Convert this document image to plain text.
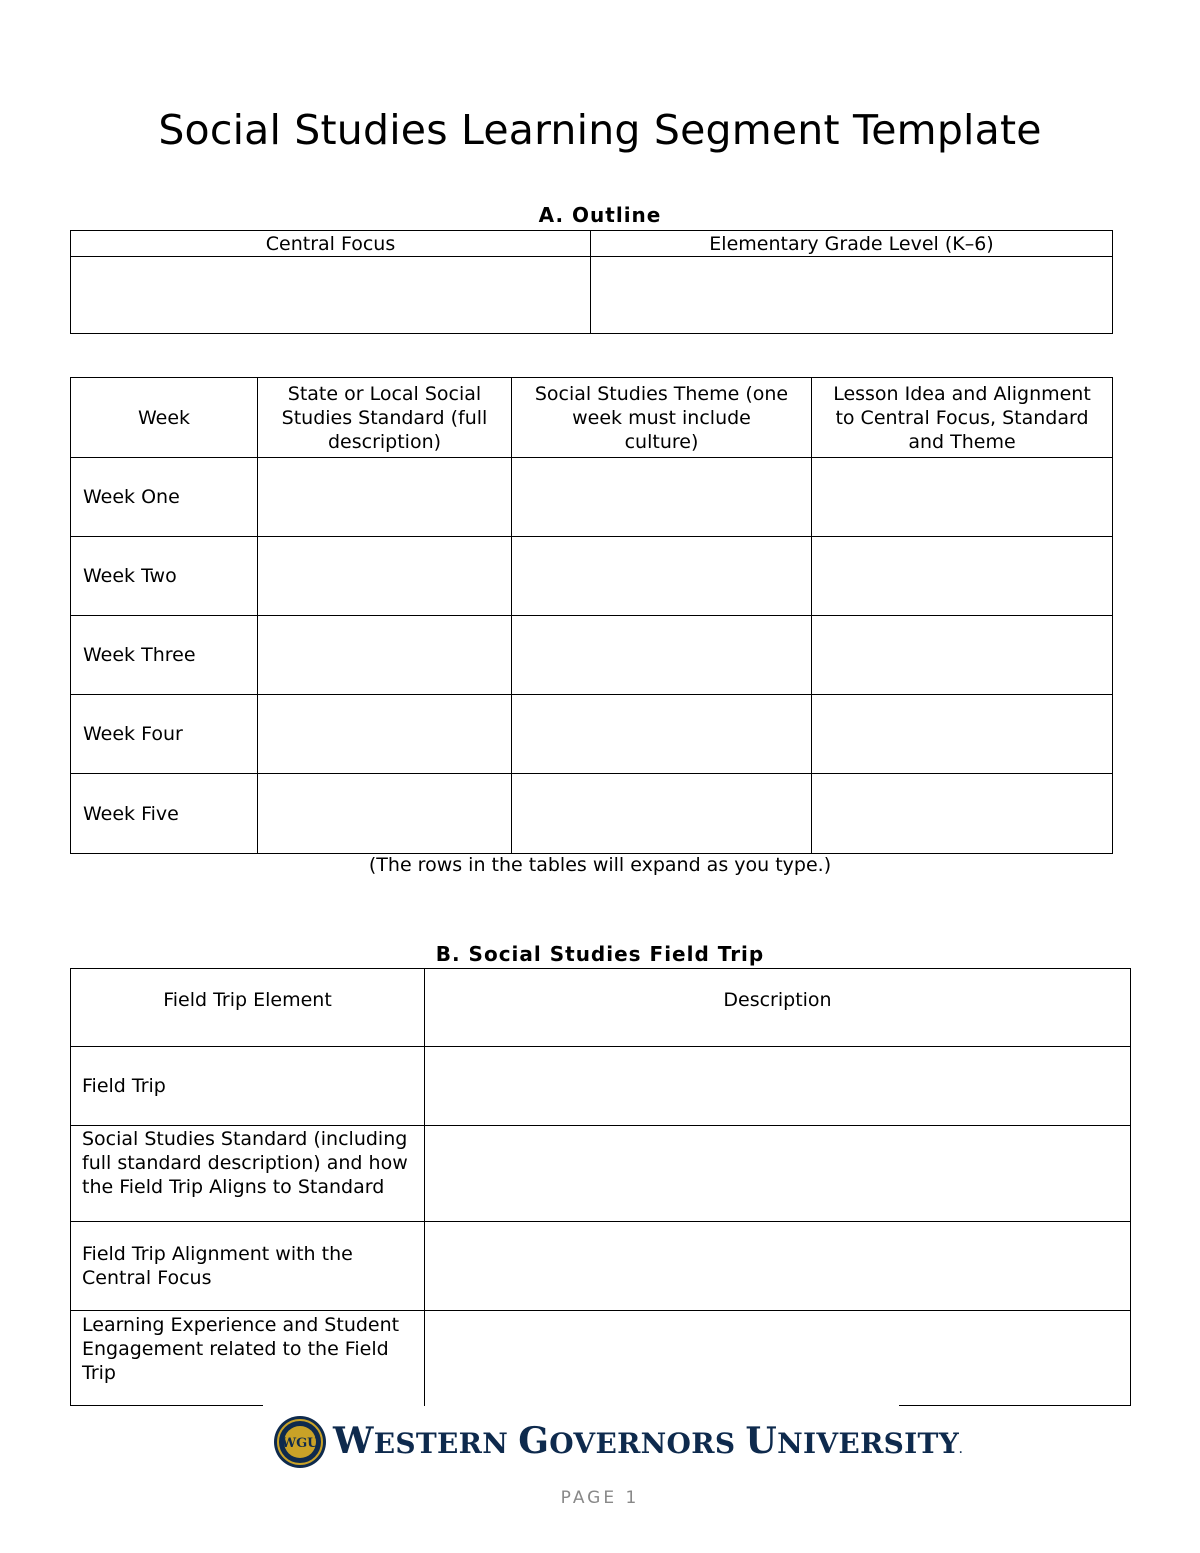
Social Studies Learning Segment Template
A. Outline
Central Focus	Elementary Grade Level (K–6)

Week	State or Local Social Studies Standard (full description)	Social Studies Theme (one week must include culture)	Lesson Idea and Alignment to Central Focus, Standard and Theme
Week One			
Week Two			
Week Three			
Week Four			
Week Five			
(The rows in the tables will expand as you type.)
B. Social Studies Field Trip
Field Trip Element	Description
Field Trip	
Social Studies Standard (including full standard description) and how the Field Trip Aligns to Standard	
Field Trip Alignment with the Central Focus	
Learning Experience and Student Engagement related to the Field Trip	
WGU WESTERN GOVERNORS UNIVERSITY.
PAGE 1
